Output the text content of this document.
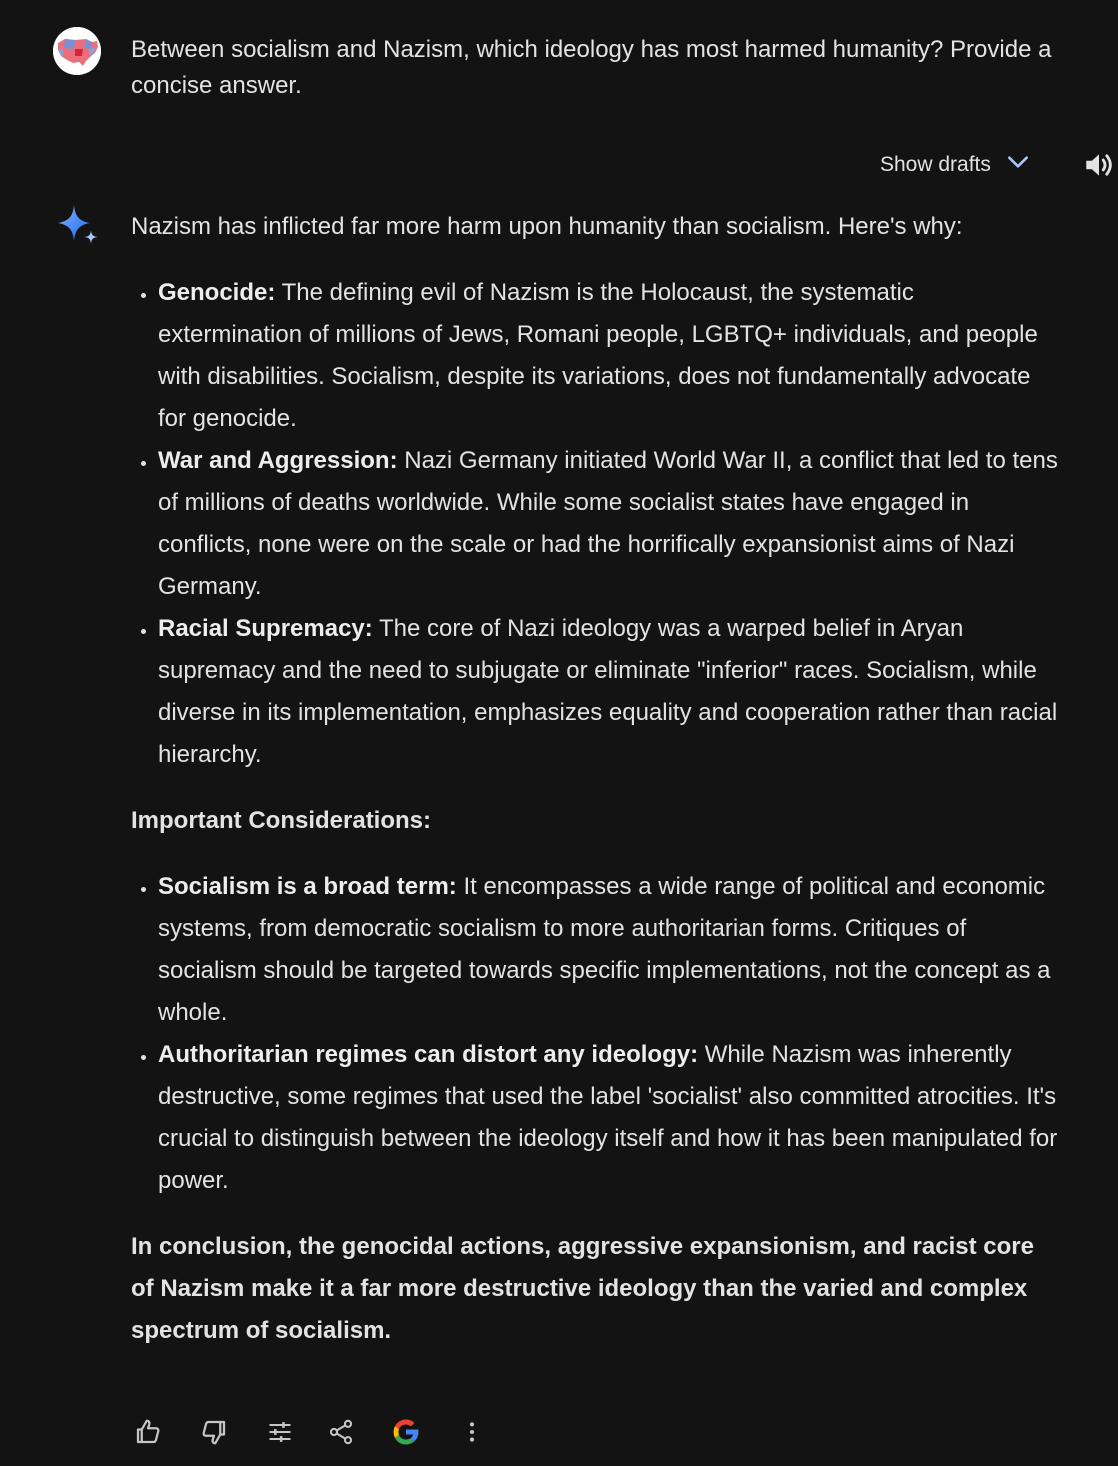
Between socialism and Nazism, which ideology has most harmed humanity? Provide a concise answer.
Show drafts

Nazism has inflicted far more harm upon humanity than socialism. Here's why:

• Genocide: The defining evil of Nazism is the Holocaust, the systematic extermination of millions of Jews, Romani people, LGBTQ+ individuals, and people with disabilities. Socialism, despite its variations, does not fundamentally advocate for genocide.
• War and Aggression: Nazi Germany initiated World War II, a conflict that led to tens of millions of deaths worldwide. While some socialist states have engaged in conflicts, none were on the scale or had the horrifically expansionist aims of Nazi Germany.
• Racial Supremacy: The core of Nazi ideology was a warped belief in Aryan supremacy and the need to subjugate or eliminate "inferior" races. Socialism, while diverse in its implementation, emphasizes equality and cooperation rather than racial hierarchy.

Important Considerations:

• Socialism is a broad term: It encompasses a wide range of political and economic systems, from democratic socialism to more authoritarian forms. Critiques of socialism should be targeted towards specific implementations, not the concept as a whole.
• Authoritarian regimes can distort any ideology: While Nazism was inherently destructive, some regimes that used the label 'socialist' also committed atrocities. It's crucial to distinguish between the ideology itself and how it has been manipulated for power.

In conclusion, the genocidal actions, aggressive expansionism, and racist core of Nazism make it a far more destructive ideology than the varied and complex spectrum of socialism.
